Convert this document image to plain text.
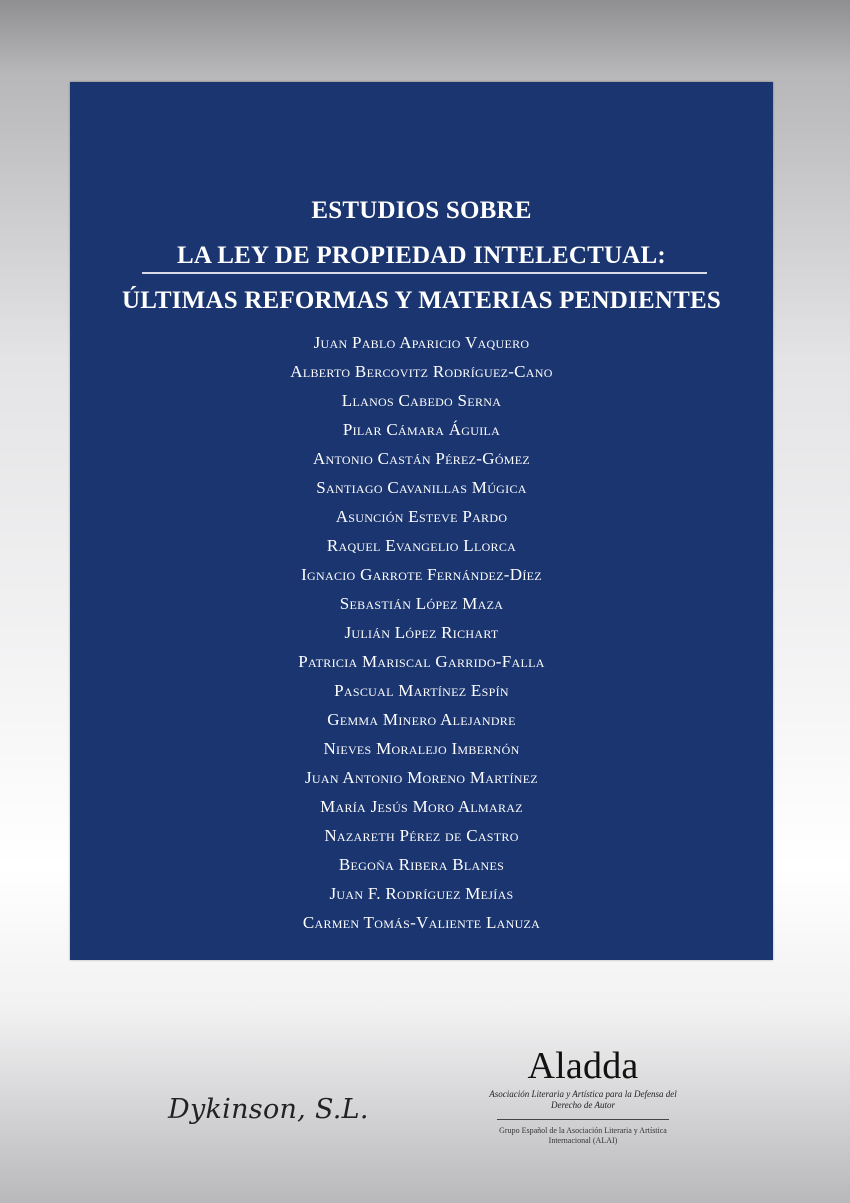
ESTUDIOS SOBRE
LA LEY DE PROPIEDAD INTELECTUAL:
ÚLTIMAS REFORMAS Y MATERIAS PENDIENTES
Juan Pablo Aparicio Vaquero
Alberto Bercovitz Rodríguez-Cano
Llanos Cabedo Serna
Pilar Cámara Águila
Antonio Castán Pérez-Gómez
Santiago Cavanillas Múgica
Asunción Esteve Pardo
Raquel Evangelio Llorca
Ignacio Garrote Fernández-Díez
Sebastián López Maza
Julián López Richart
Patricia Mariscal Garrido-Falla
Pascual Martínez Espín
Gemma Minero Alejandre
Nieves Moralejo Imbernón
Juan Antonio Moreno Martínez
María Jesús Moro Almaraz
Nazareth Pérez de Castro
Begoña Ribera Blanes
Juan F. Rodríguez Mejías
Carmen Tomás-Valiente Lanuza
Dykinson, S.L.
Aladda
Asociación Literaria y Artística para la Defensa del Derecho de Autor
Grupo Español de la Asociación Literaria y Artística Internacional (ALAI)
